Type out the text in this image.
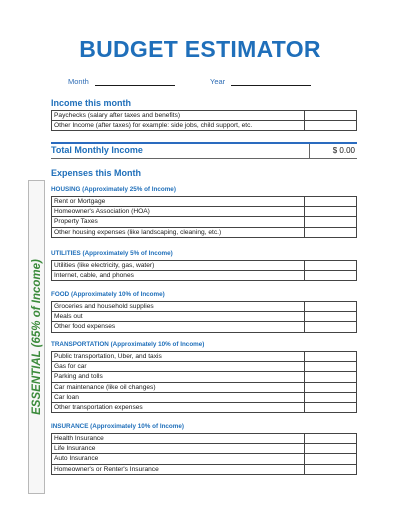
BUDGET ESTIMATOR
Month	Year
Income this month
Paychecks (salary after taxes and benefits)	
Other Income (after taxes) for example: side jobs, child support, etc.	
Total Monthly Income	$ 0.00
Expenses this Month
ESSENTIAL (65% of Income)
HOUSING (Approximately 25% of Income)
Rent or Mortgage	
Homeowner's Association (HOA)	
Property Taxes	
Other housing expenses (like landscaping, cleaning, etc.)	
UTILITIES (Approximately 5% of Income)
Utilities (like electricity, gas, water)	
Internet, cable, and phones	
FOOD (Approximately 10% of Income)
Groceries and household supplies	
Meals out	
Other food expenses	
TRANSPORTATION (Approximately 10% of Income)
Public transportation, Uber, and taxis	
Gas for car	
Parking and tolls	
Car maintenance (like oil changes)	
Car loan	
Other transportation expenses	
INSURANCE (Approximately 10% of Income)
Health Insurance	
Life Insurance	
Auto Insurance	
Homeowner's or Renter's Insurance	
